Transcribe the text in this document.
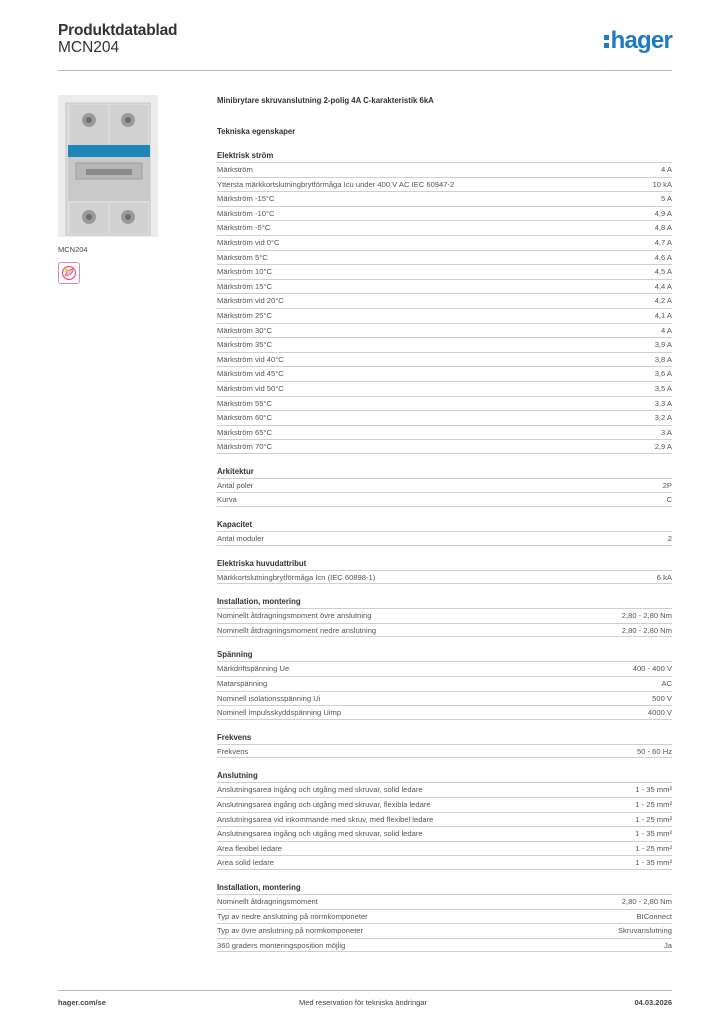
Produktdatablad
MCN204	hager
MCN204
Minibrytare skruvanslutning 2-polig 4A C-karakteristik 6kA
Tekniska egenskaper
Elektrisk ström
Märkström	4 A
Yttersta märkkortslutningbrytförmåga Icu under 400 V AC IEC 60947-2	10 kA
Märkström -15°C	5 A
Märkström -10°C	4,9 A
Märkström -5°C	4,8 A
Märkström vid 0°C	4,7 A
Märkström 5°C	4,6 A
Märkström 10°C	4,5 A
Märkström 15°C	4,4 A
Märkström vid 20°C	4,2 A
Märkström 25°C	4,1 A
Märkström 30°C	4 A
Märkström 35°C	3,9 A
Märkström vid 40°C	3,8 A
Märkström vid 45°C	3,6 A
Märkström vid 50°C	3,5 A
Märkström 55°C	3,3 A
Märkström 60°C	3,2 A
Märkström 65°C	3 A
Märkström 70°C	2,9 A
Arkitektur
Antal poler	2P
Kurva	C
Kapacitet
Antal moduler	2
Elektriska huvudattribut
Märkkortslutningbrytförmåga Icn (IEC 60898-1)	6 kA
Installation, montering
Nominellt åtdragningsmoment övre anslutning	2,80 - 2,80 Nm
Nominellt åtdragningsmoment nedre anslutning	2,80 - 2,80 Nm
Spänning
Märkdriftspänning Ue	400 - 400 V
Matarspänning	AC
Nominell isolationsspänning Ui	500 V
Nominell impulsskyddspänning Uimp	4000 V
Frekvens
Frekvens	50 - 60 Hz
Anslutning
Anslutningsarea ingång och utgång med skruvar, solid ledare	1 - 35 mm²
Anslutningsarea ingång och utgång med skruvar, flexibla ledare	1 - 25 mm²
Anslutningsarea vid inkommande med skruv, med flexibel ledare	1 - 25 mm²
Anslutningsarea ingång och utgång med skruvar, solid ledare	1 - 35 mm²
Area flexibel ledare	1 - 25 mm²
Area solid ledare	1 - 35 mm²
Installation, montering
Nominellt åtdragningsmoment	2,80 - 2,80 Nm
Typ av nedre anslutning på normkomponeter	BIConnect
Typ av övre anslutning på normkomponeter	Skruvanslutning
360 graders monteringsposition möjlig	Ja
hager.com/se	Med reservation för tekniska ändringar	04.03.2026
